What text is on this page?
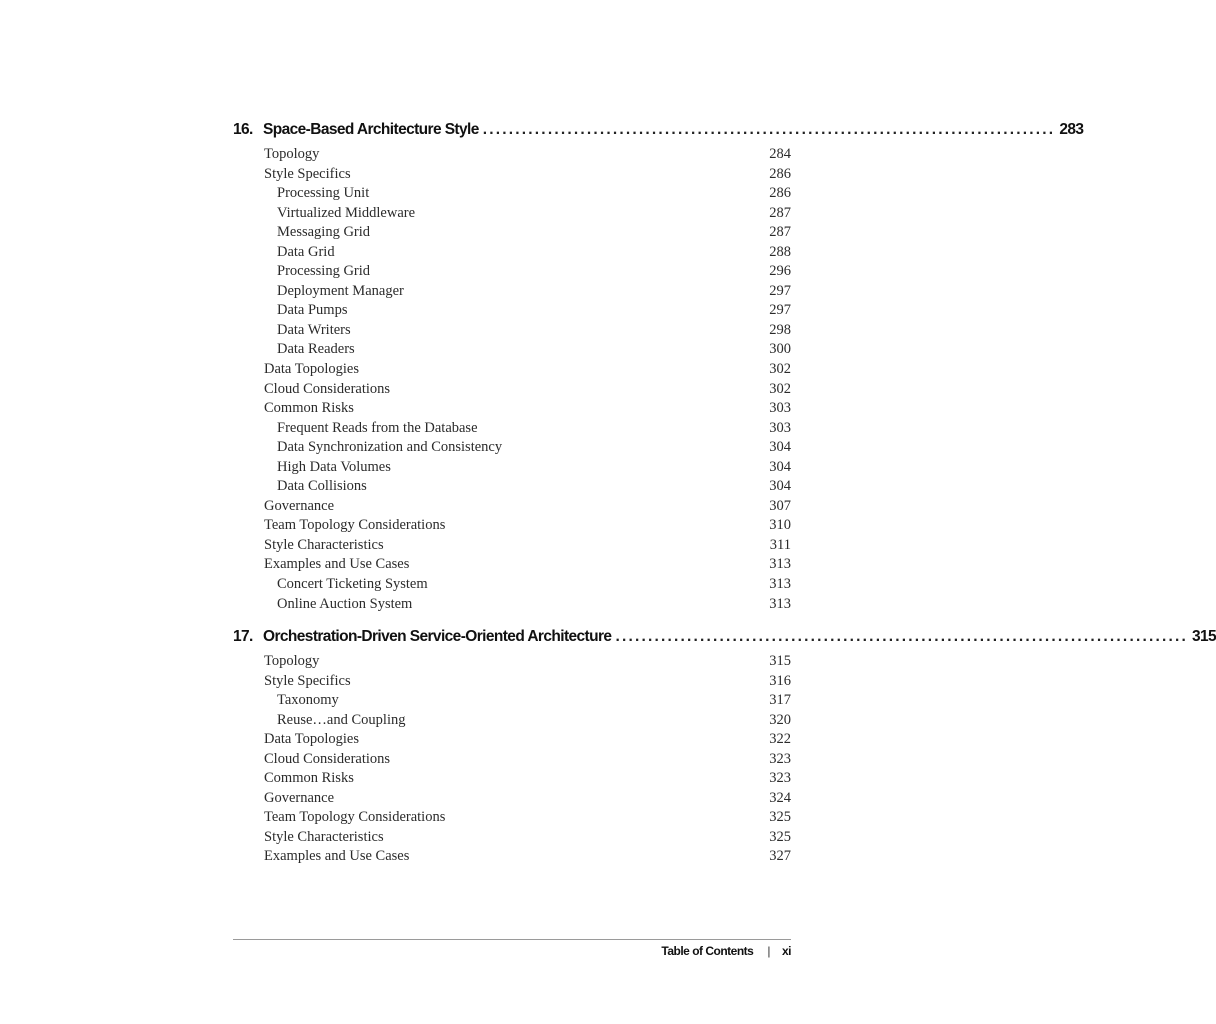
16. Space-Based Architecture Style ........................................................................................ 283
Topology	284
Style Specifics	286
Processing Unit	286
Virtualized Middleware	287
Messaging Grid	287
Data Grid	288
Processing Grid	296
Deployment Manager	297
Data Pumps	297
Data Writers	298
Data Readers	300
Data Topologies	302
Cloud Considerations	302
Common Risks	303
Frequent Reads from the Database	303
Data Synchronization and Consistency	304
High Data Volumes	304
Data Collisions	304
Governance	307
Team Topology Considerations	310
Style Characteristics	311
Examples and Use Cases	313
Concert Ticketing System	313
Online Auction System	313
17. Orchestration-Driven Service-Oriented Architecture ........................................................................................ 315
Topology	315
Style Specifics	316
Taxonomy	317
Reuse…and Coupling	320
Data Topologies	322
Cloud Considerations	323
Common Risks	323
Governance	324
Team Topology Considerations	325
Style Characteristics	325
Examples and Use Cases	327
Table of Contents | xi
